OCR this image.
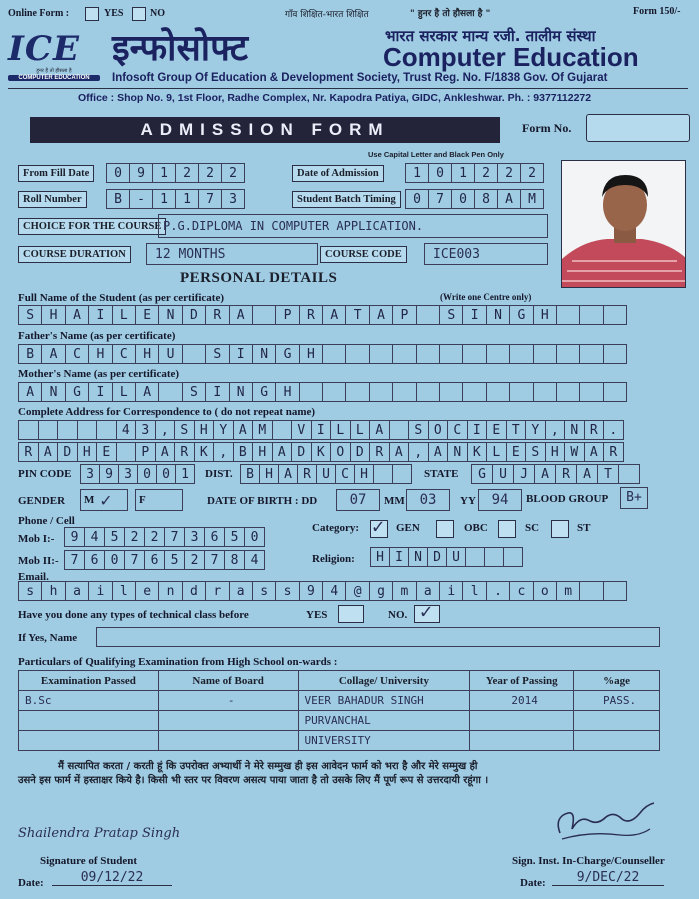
Online Form :	YES	NO	गाँव शिक्षित-भारत शिक्षित	" हुनर है तो हौसला है "	Form 150/-
ICE
हुनर है तो हौसला है
COMPUTER EDUCATION
इन्फोसोफ्ट	भारत सरकार मान्य रजी. तालीम संस्था
Computer Education
Infosoft Group Of Education & Development Society, Trust Reg. No. F/1838 Gov. Of Gujarat
Office : Shop No. 9, 1st Floor, Radhe Complex, Nr. Kapodra Patiya, GIDC, Ankleshwar. Ph. : 9377112272
ADMISSION FORM	Form No.
Use Capital Letter and Black Pen Only
From Fill Date	0	9	1	2	2	2	Date of Admission	1	0	1	2	2	2
Roll Number	B	-	1	1	7	3	Student Batch Timing	0	7	0	8	A	M
CHOICE FOR THE COURSE P.G.DIPLOMA IN COMPUTER APPLICATION.
COURSE DURATION	12 MONTHS	COURSE CODE	ICE003
PERSONAL DETAILS
Full Name of the Student (as per certificate)	(Write one Centre only)
S	H	A	I	L	E	N	D	R	A	P	R	A	T	A	P	S	I	N	G	H
Father's Name (as per certificate)
B	A	C	H	C	H	U	S	I	N	G	H
Mother's Name (as per certificate)
A	N	G	I	L	A	S	I	N	G	H
Complete Address for Correspondence to ( do not repeat name)
4 3 , S H Y A M	V I L L A	S O C I E T Y , N R .
R A D H E	P A R K , B H A D K O D R A , A N K L E S H W A R
PIN CODE	3 9 3 0 0 1	DIST.	B H A R U C H	STATE	G	U	J	A	R	A	T
GENDER M ✓	F	DATE OF BIRTH : DD	07	MM	03	YY	94	BLOOD GROUP	B+
Phone / Cell
Mob I:-	9 4 5 2 2 7 3 6 5 0
Mob II:- 7 6 0 7 6 5 2 7 8 4
Category: ✓ GEN	OBC	SC	ST
Religion:	H I N D U
Email.
s	h	a	i	l	e	n	d	r	a	s	s	9	4	@	g	m	a	i	l	.	c	o	m
Have you done any types of technical class before	YES	NO. ✓
If Yes, Name
Particulars of Qualifying Examination from High School on-wards :
Examination Passed	Name of Board	Collage/ University	Year of Passing	%age
B.Sc	-	VEER BAHADUR SINGH	2014	PASS.
		PURVANCHAL		
		UNIVERSITY		
मैं सत्यापित करता / करती हूं कि उपरोक्त अभ्यार्थी ने मेरे सम्मुख ही इस आवेदन फार्म को भरा है और मेरे सम्मुख ही
उसने इस फार्म में हस्ताक्षर किये है। किसी भी स्तर पर विवरण असत्य पाया जाता है तो उसके लिए मैं पूर्ण रूप से उत्तरदायी रहूंगा ।
Shailendra Pratap Singh
Signature of Student
Date:	09/12/22
Sign. Inst. In-Charge/Counseller
Date:	9/DEC/22
